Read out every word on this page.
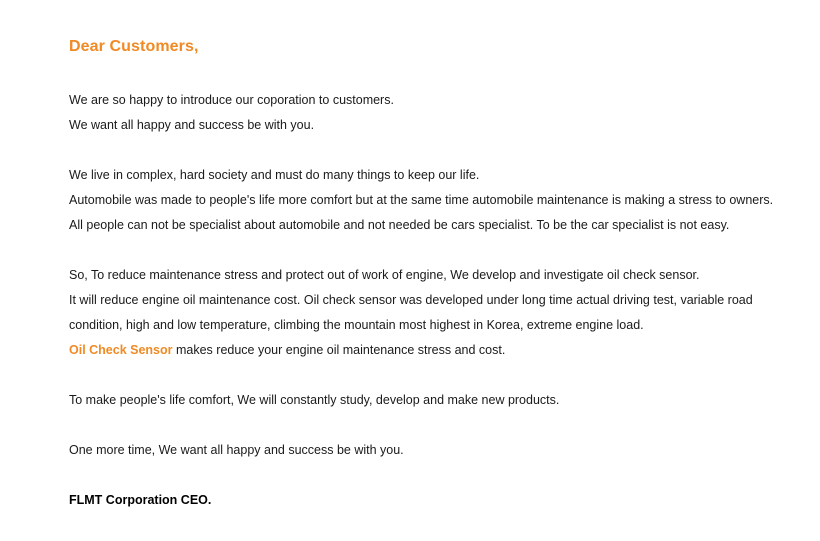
Dear Customers,
We are so happy to introduce our coporation to customers.
We want all happy and success be with you.
We live in complex, hard society and must do many things to keep our life.
Automobile was made to people's life more comfort but at the same time automobile maintenance is making a stress to owners.
All people can not be specialist about automobile and not needed be cars specialist. To be the car specialist is not easy.
So, To reduce maintenance stress and protect out of work of engine, We develop and investigate oil check sensor.
It will reduce engine oil maintenance cost. Oil check sensor was developed under long time actual driving test, variable road
condition, high and low temperature, climbing the mountain most highest in Korea, extreme engine load.
Oil Check Sensor makes reduce your engine oil maintenance stress and cost.
To make people's life comfort, We will constantly study, develop and make new products.
One more time, We want all happy and success be with you.
FLMT Corporation CEO.
